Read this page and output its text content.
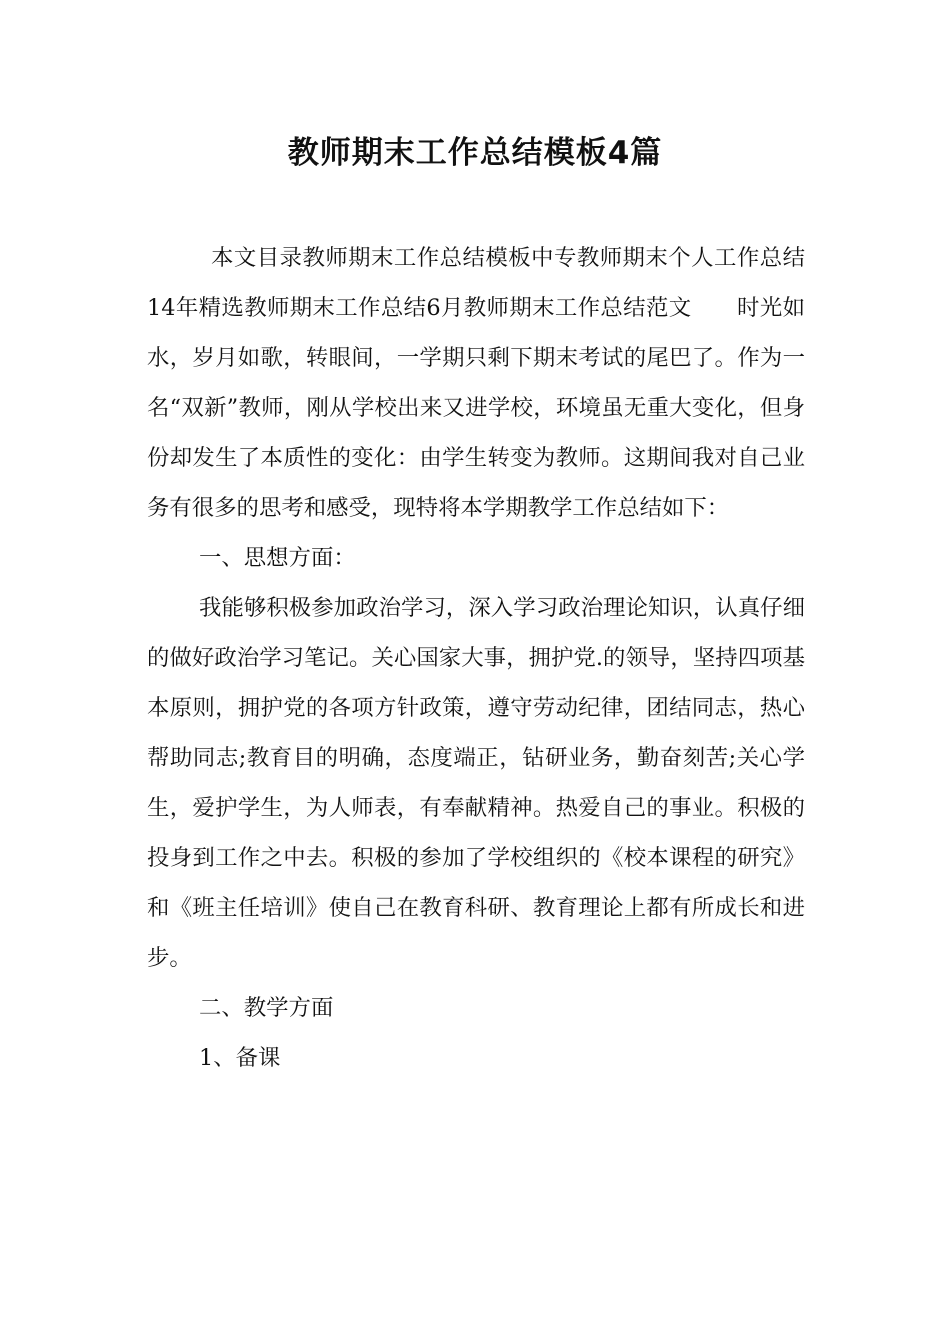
教师期末工作总结模板4篇

本文目录教师期末工作总结模板中专教师期末个人工作总结14年精选教师期末工作总结6月教师期末工作总结范文　　时光如水，岁月如歌，转眼间，一学期只剩下期末考试的尾巴了。作为一名“双新”教师，刚从学校出来又进学校，环境虽无重大变化，但身份却发生了本质性的变化：由学生转变为教师。这期间我对自己业务有很多的思考和感受，现特将本学期教学工作总结如下：

一、思想方面：

我能够积极参加政治学习，深入学习政治理论知识，认真仔细的做好政治学习笔记。关心国家大事，拥护党.的领导，坚持四项基本原则，拥护党的各项方针政策，遵守劳动纪律，团结同志，热心帮助同志;教育目的明确，态度端正，钻研业务，勤奋刻苦;关心学生，爱护学生，为人师表，有奉献精神。热爱自己的事业。积极的投身到工作之中去。积极的参加了学校组织的《校本课程的研究》和《班主任培训》使自己在教育科研、教育理论上都有所成长和进步。

二、教学方面

1、备课
